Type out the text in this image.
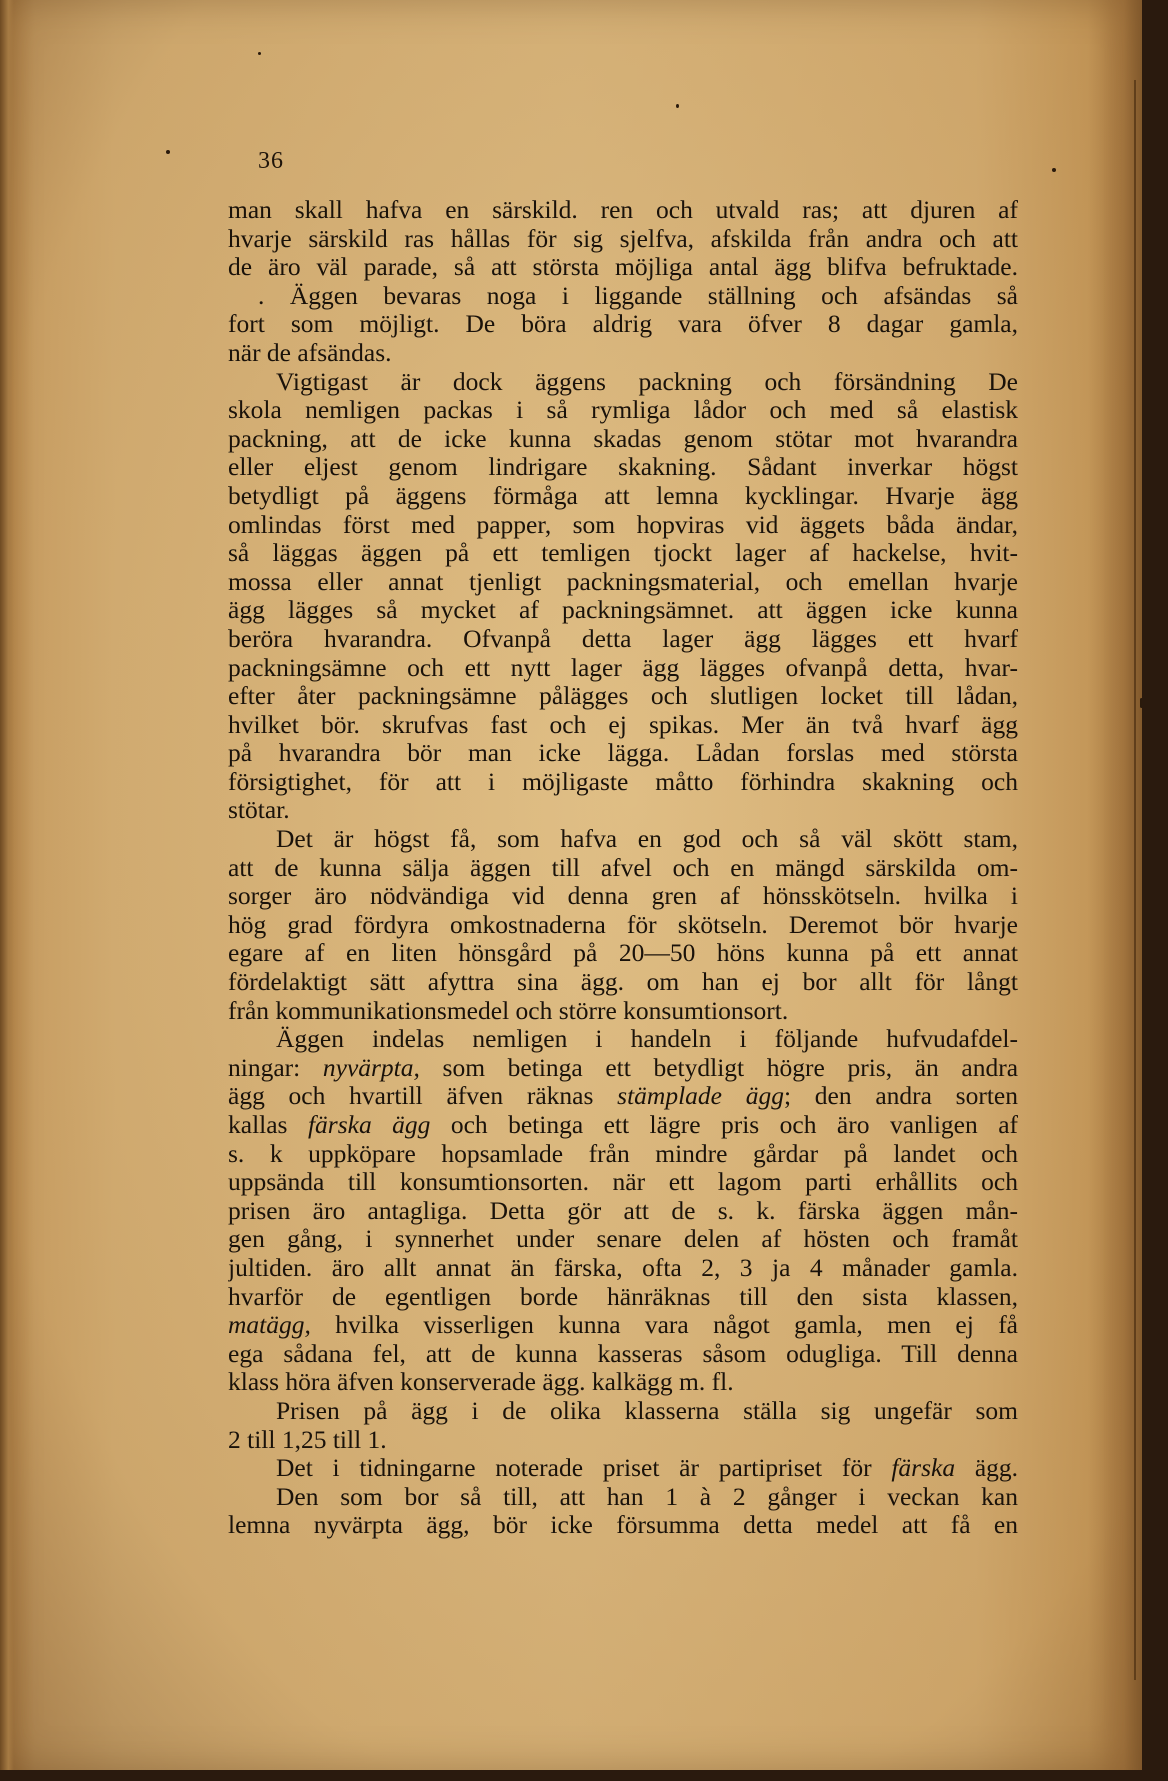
36
man skall hafva en särskild. ren och utvald ras; att djuren af
hvarje särskild ras hållas för sig sjelfva, afskilda från andra och att
de äro väl parade, så att största möjliga antal ägg blifva befruktade.
. Äggen bevaras noga i liggande ställning och afsändas så
fort som möjligt. De böra aldrig vara öfver 8 dagar gamla,
när de afsändas.
Vigtigast är dock äggens packning och försändning De
skola nemligen packas i så rymliga lådor och med så elastisk
packning, att de icke kunna skadas genom stötar mot hvarandra
eller eljest genom lindrigare skakning. Sådant inverkar högst
betydligt på äggens förmåga att lemna kycklingar. Hvarje ägg
omlindas först med papper, som hopviras vid äggets båda ändar,
så läggas äggen på ett temligen tjockt lager af hackelse, hvit-
mossa eller annat tjenligt packningsmaterial, och emellan hvarje
ägg lägges så mycket af packningsämnet. att äggen icke kunna
beröra hvarandra. Ofvanpå detta lager ägg lägges ett hvarf
packningsämne och ett nytt lager ägg lägges ofvanpå detta, hvar-
efter åter packningsämne pålägges och slutligen locket till lådan,
hvilket bör. skrufvas fast och ej spikas. Mer än två hvarf ägg
på hvarandra bör man icke lägga. Lådan forslas med största
försigtighet, för att i möjligaste måtto förhindra skakning och
stötar.
Det är högst få, som hafva en god och så väl skött stam,
att de kunna sälja äggen till afvel och en mängd särskilda om-
sorger äro nödvändiga vid denna gren af hönsskötseln. hvilka i
hög grad fördyra omkostnaderna för skötseln. Deremot bör hvarje
egare af en liten hönsgård på 20—50 höns kunna på ett annat
fördelaktigt sätt afyttra sina ägg. om han ej bor allt för långt
från kommunikationsmedel och större konsumtionsort.
Äggen indelas nemligen i handeln i följande hufvudafdel-
ningar: nyvärpta, som betinga ett betydligt högre pris, än andra
ägg och hvartill äfven räknas stämplade ägg; den andra sorten
kallas färska ägg och betinga ett lägre pris och äro vanligen af
s. k uppköpare hopsamlade från mindre gårdar på landet och
uppsända till konsumtionsorten. när ett lagom parti erhållits och
prisen äro antagliga. Detta gör att de s. k. färska äggen mån-
gen gång, i synnerhet under senare delen af hösten och framåt
jultiden. äro allt annat än färska, ofta 2, 3 ja 4 månader gamla.
hvarför de egentligen borde hänräknas till den sista klassen,
matägg, hvilka visserligen kunna vara något gamla, men ej få
ega sådana fel, att de kunna kasseras såsom odugliga. Till denna
klass höra äfven konserverade ägg. kalkägg m. fl.
Prisen på ägg i de olika klasserna ställa sig ungefär som
2 till 1,25 till 1.
Det i tidningarne noterade priset är partipriset för färska ägg.
Den som bor så till, att han 1 à 2 gånger i veckan kan
lemna nyvärpta ägg, bör icke försumma detta medel att få en
